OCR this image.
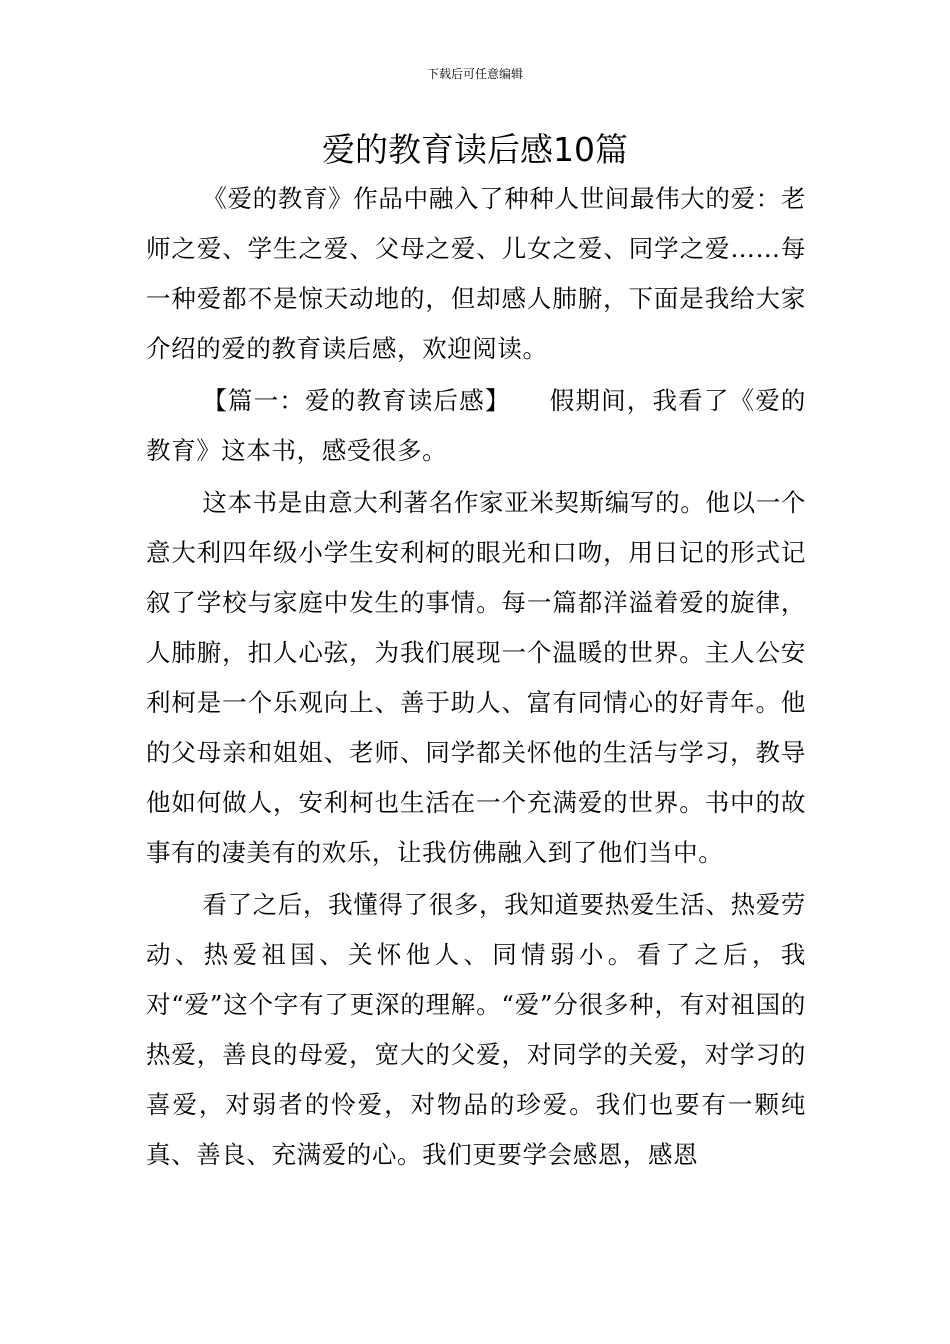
下载后可任意编辑
爱的教育读后感10篇

《爱的教育》作品中融入了种种人世间最伟大的爱：老师之爱、学生之爱、父母之爱、儿女之爱、同学之爱……每一种爱都不是惊天动地的，但却感人肺腑，下面是我给大家介绍的爱的教育读后感，欢迎阅读。

【篇一：爱的教育读后感】　　假期间，我看了《爱的教育》这本书，感受很多。

这本书是由意大利著名作家亚米契斯编写的。他以一个意大利四年级小学生安利柯的眼光和口吻，用日记的形式记叙了学校与家庭中发生的事情。每一篇都洋溢着爱的旋律，人肺腑，扣人心弦，为我们展现一个温暖的世界。主人公安利柯是一个乐观向上、善于助人、富有同情心的好青年。他的父母亲和姐姐、老师、同学都关怀他的生活与学习，教导他如何做人，安利柯也生活在一个充满爱的世界。书中的故事有的凄美有的欢乐，让我仿佛融入到了他们当中。

看了之后，我懂得了很多，我知道要热爱生活、热爱劳动、热爱祖国、关怀他人、同情弱小。看了之后，我对“爱”这个字有了更深的理解。“爱”分很多种，有对祖国的热爱，善良的母爱，宽大的父爱，对同学的关爱，对学习的喜爱，对弱者的怜爱，对物品的珍爱。我们也要有一颗纯真、善良、充满爱的心。我们更要学会感恩，感恩
